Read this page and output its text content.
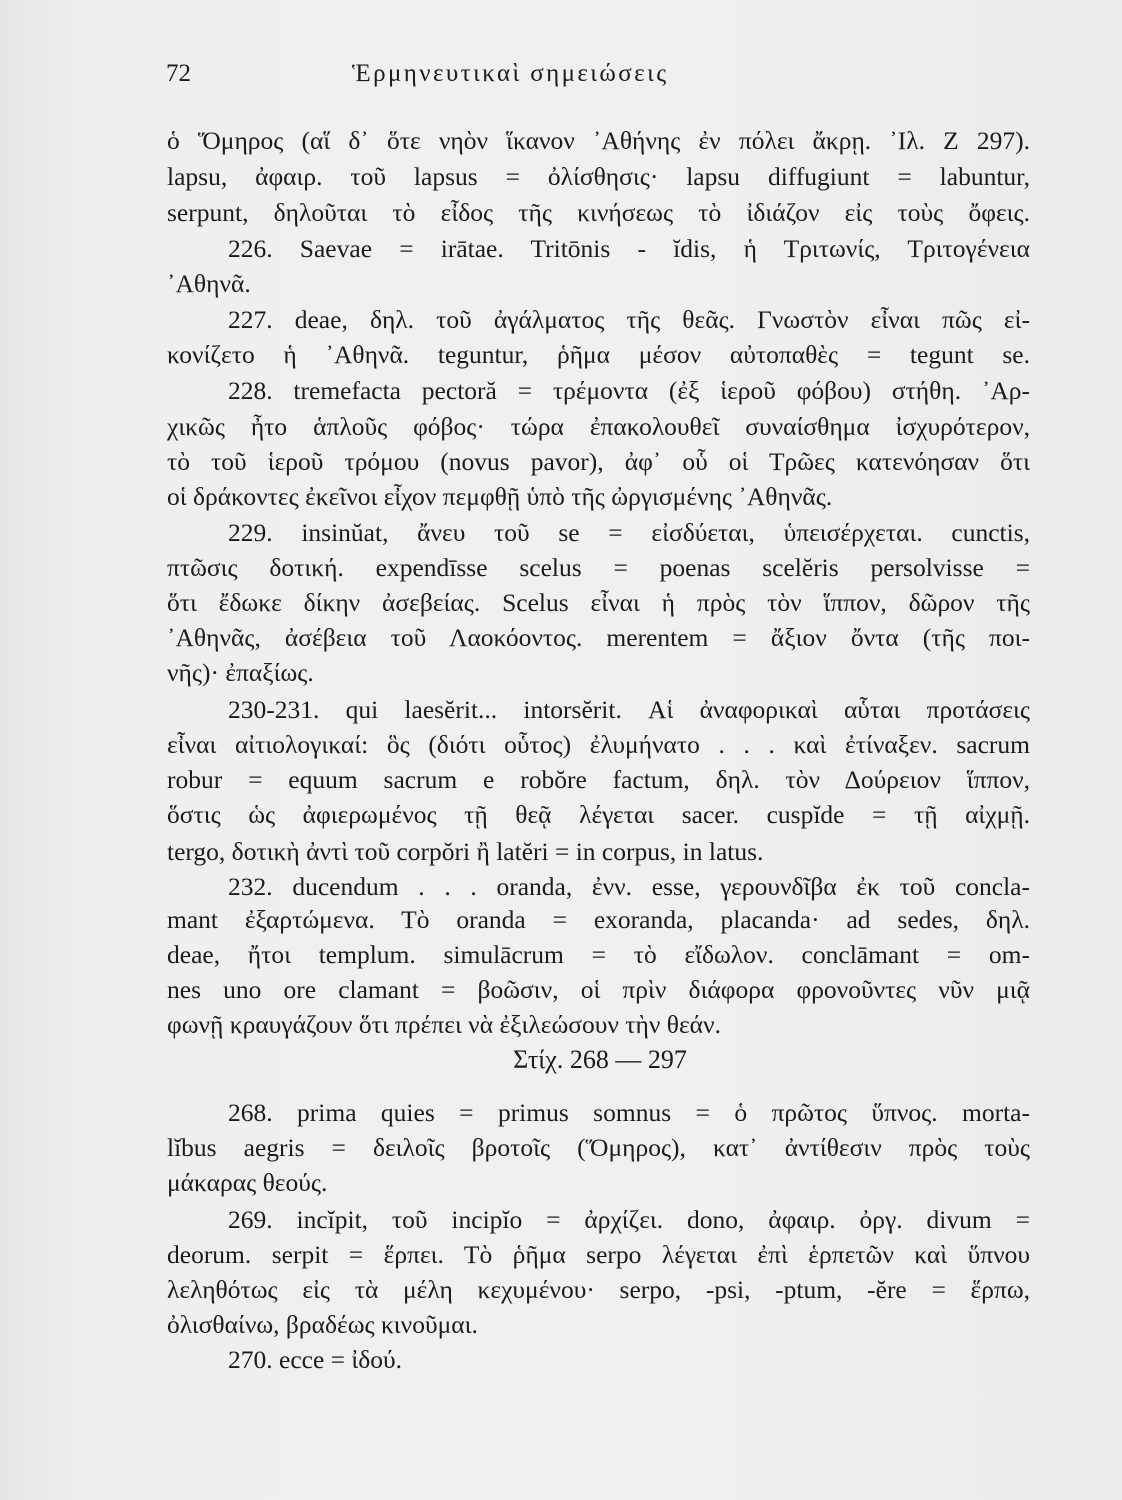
72	Ἑρμηνευτικαὶ σημειώσεις
Στίχ. 268 — 297
ὁ Ὅμηρος (αἵ δ᾽ ὅτε νηὸν ἵκανον ᾽Αθήνης ἐν πόλει ἄκρῃ. ᾽Ιλ. Ζ 297).
lapsu, ἀφαιρ. τοῦ lapsus = ὀλίσθησις· lapsu diffugiunt = labuntur,
serpunt, δηλοῦται τὸ εἶδος τῆς κινήσεως τὸ ἰδιάζον εἰς τοὺς ὄφεις.
226. Saevae = irātae. Tritōnis - ĭdis, ἡ Τριτωνίς, Τριτογένεια
᾽Αθηνᾶ.
227. deae, δηλ. τοῦ ἀγάλματος τῆς θεᾶς. Γνωστὸν εἶναι πῶς εἰ-
κονίζετο ἡ ᾽Αθηνᾶ. teguntur, ῥῆμα μέσον αὐτοπαθὲς = tegunt se.
228. tremefacta pectoră = τρέμοντα (ἐξ ἱεροῦ φόβου) στήθη. ᾽Αρ-
χικῶς ἦτο ἁπλοῦς φόβος· τώρα ἐπακολουθεῖ συναίσθημα ἰσχυρότερον,
τὸ τοῦ ἱεροῦ τρόμου (novus pavor), ἀφ᾽ οὗ οἱ Τρῶες κατενόησαν ὅτι
οἱ δράκοντες ἐκεῖνοι εἶχον πεμφθῇ ὑπὸ τῆς ὠργισμένης ᾽Αθηνᾶς.
229. insinŭat, ἄνευ τοῦ se = εἰσδύεται, ὑπεισέρχεται. cunctis,
πτῶσις δοτική. expendīsse scelus = poenas scelĕris persolvisse =
ὅτι ἔδωκε δίκην ἀσεβείας. Scelus εἶναι ἡ πρὸς τὸν ἵππον, δῶρον τῆς
᾽Αθηνᾶς, ἀσέβεια τοῦ Λαοκόοντος. merentem = ἄξιον ὄντα (τῆς ποι-
νῆς)· ἐπαξίως.
230-231. qui laesĕrit... intorsĕrit. Αἱ ἀναφορικαὶ αὗται προτάσεις
εἶναι αἰτιολογικαί: ὃς (διότι οὗτος) ἐλυμήνατο . . . καὶ ἐτίναξεν. sacrum
robur = equum sacrum e robŏre factum, δηλ. τὸν Δούρειον ἵππον,
ὅστις ὡς ἀφιερωμένος τῇ θεᾷ λέγεται sacer. cuspĭde = τῇ αἰχμῇ.
tergo, δοτικὴ ἀντὶ τοῦ corpŏri ἢ latĕri = in corpus, in latus.
232. ducendum . . . oranda, ἐνν. esse, γερουνδῖβα ἐκ τοῦ concla-
mant ἐξαρτώμενα. Τὸ oranda = exoranda, placanda· ad sedes, δηλ.
deae, ἤτοι templum. simulācrum = τὸ εἴδωλον. conclāmant = om-
nes uno ore clamant = βοῶσιν, οἱ πρὶν διάφορα φρονοῦντες νῦν μιᾷ
φωνῇ κραυγάζουν ὅτι πρέπει νὰ ἐξιλεώσουν τὴν θεάν.
268. prima quies = primus somnus = ὁ πρῶτος ὕπνος. morta-
lĭbus aegris = δειλοῖς βροτοῖς (Ὅμηρος), κατ᾽ ἀντίθεσιν πρὸς τοὺς
μάκαρας θεούς.
269. incĭpit, τοῦ incipĭo = ἀρχίζει. dono, ἀφαιρ. ὀργ. divum =
deorum. serpit = ἕρπει. Τὸ ῥῆμα serpo λέγεται ἐπὶ ἑρπετῶν καὶ ὕπνου
λεληθότως εἰς τὰ μέλη κεχυμένου· serpo, -psi, -ptum, -ĕre = ἕρπω,
ὀλισθαίνω, βραδέως κινοῦμαι.
270. ecce = ἰδού.
